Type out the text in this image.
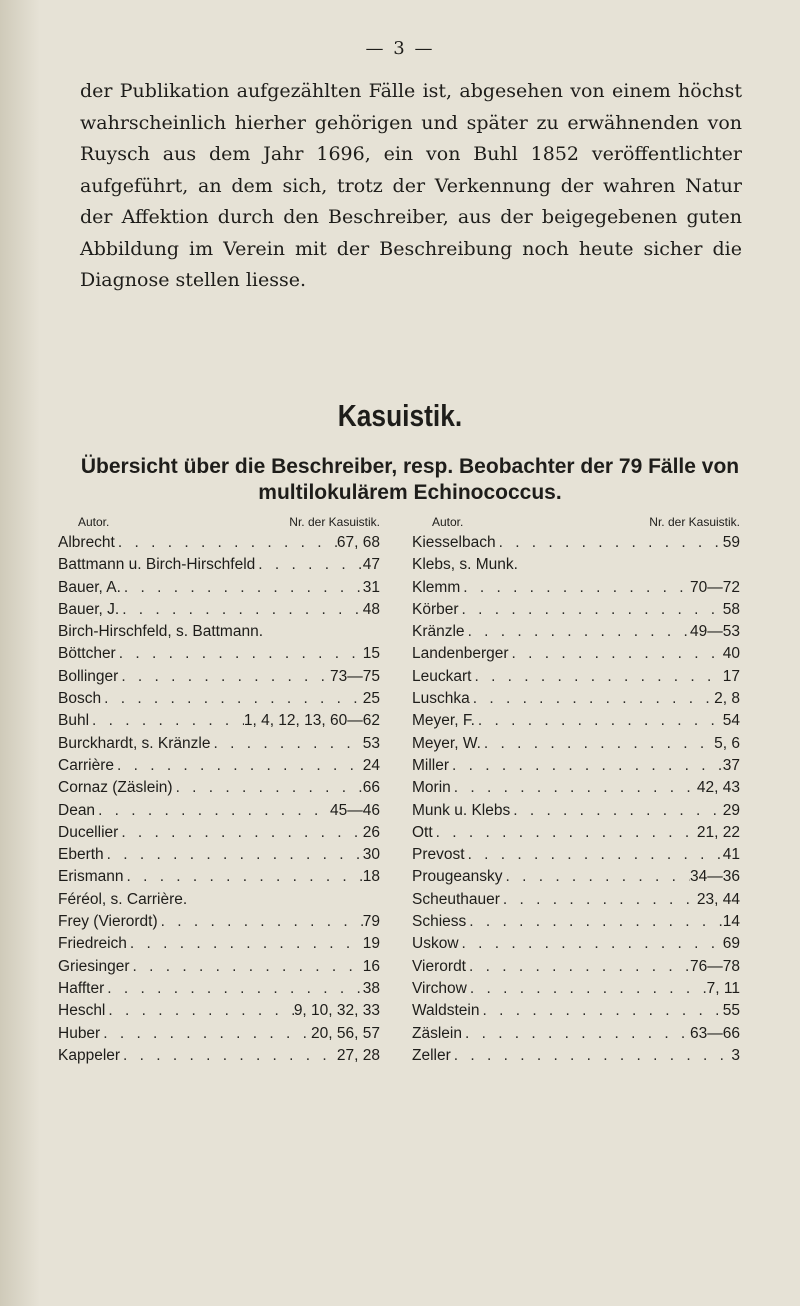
— 3 —

der Publikation aufgezählten Fälle ist, abgesehen von einem höchst wahrscheinlich hierher gehörigen und später zu erwähnenden von Ruysch aus dem Jahr 1696, ein von Buhl 1852 veröffentlichter aufgeführt, an dem sich, trotz der Verkennung der wahren Natur der Affektion durch den Beschreiber, aus der beigegebenen guten Abbildung im Verein mit der Beschreibung noch heute sicher die Diagnose stellen liesse.

Kasuistik.
Übersicht über die Beschreiber, resp. Beobachter der 79 Fälle von multilokulärem Echinococcus.
Autor.	Nr. der Kasuistik.
Albrecht . . .	67, 68
Battmann u. Birch-Hirschfeld . . .	47
Bauer, A. . . .	31
Bauer, J. . . .	48
Birch-Hirschfeld, s. Battmann.
Böttcher . . .	15
Bollinger . . .	73—75
Bosch . . .	25
Buhl . . .	1, 4, 12, 13, 60—62
Burckhardt, s. Kränzle . . .	53
Carrière . . .	24
Cornaz (Zäslein) . . .	66
Dean . . .	45—46
Ducellier . . .	26
Eberth . . .	30
Erismann . . .	18
Féréol, s. Carrière.
Frey (Vierordt) . . .	79
Friedreich . . .	19
Griesinger . . .	16
Haffter . . .	38
Heschl . . .	9, 10, 32, 33
Huber . . .	20, 56, 57
Kappeler . . .	27, 28
Autor.	Nr. der Kasuistik.
Kiesselbach . . .	59
Klebs, s. Munk.
Klemm . . .	70—72
Körber . . .	58
Kränzle . . .	49—53
Landenberger . . .	40
Leuckart . . .	17
Luschka . . .	2, 8
Meyer, F. . . .	54
Meyer, W. . . .	5, 6
Miller . . .	37
Morin . . .	42, 43
Munk u. Klebs . . .	29
Ott . . .	21, 22
Prevost . . .	41
Prougeansky . . .	34—36
Scheuthauer . . .	23, 44
Schiess . . .	14
Uskow . . .	69
Vierordt . . .	76—78
Virchow . . .	7, 11
Waldstein . . .	55
Zäslein . . .	63—66
Zeller . . .	3
